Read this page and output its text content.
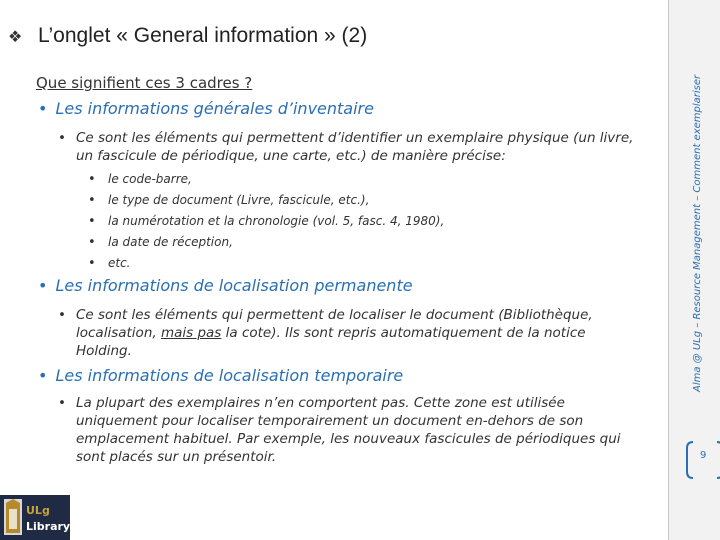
❖ L’onglet « General information » (2)
Que signifient ces 3 cadres ?
• Les informations générales d’inventaire
• Ce sont les éléments qui permettent d’identifier un exemplaire physique (un livre, un fascicule de périodique, une carte, etc.) de manière précise:
• le code-barre,
• le type de document (Livre, fascicule, etc.),
• la numérotation et la chronologie (vol. 5, fasc. 4, 1980),
• la date de réception,
• etc.
• Les informations de localisation permanente
• Ce sont les éléments qui permettent de localiser le document (Bibliothèque, localisation, mais pas la cote). Ils sont repris automatiquement de la notice Holding.
• Les informations de localisation temporaire
• La plupart des exemplaires n’en comportent pas. Cette zone est utilisée uniquement pour localiser temporairement un document en-dehors de son emplacement habituel. Par exemple, les nouveaux fascicules de périodiques qui sont placés sur un présentoir.
Alma @ ULg – Resource Management – Comment exemplariser
9
ULg
Library
